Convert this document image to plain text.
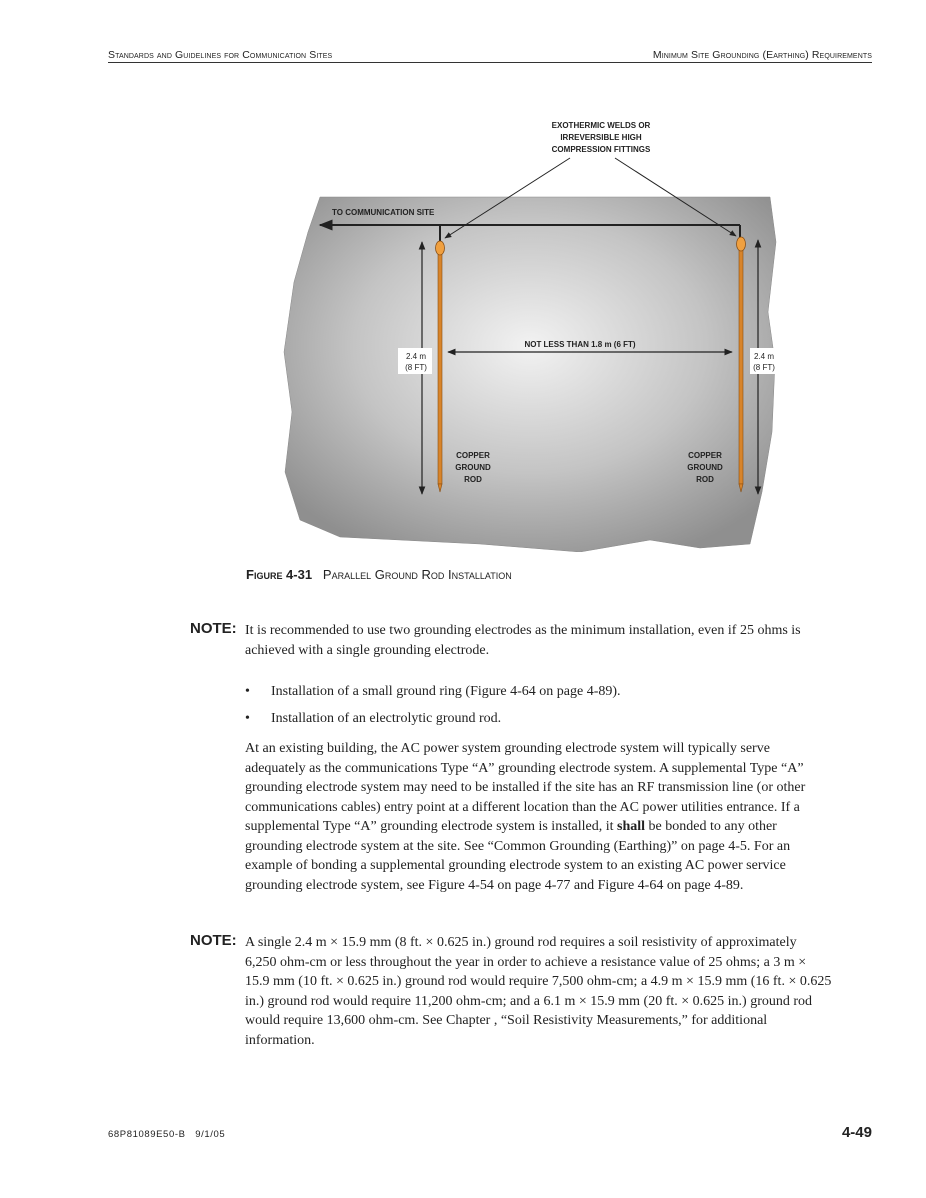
Standards and Guidelines for Communication Sites	Minimum Site Grounding (Earthing) Requirements
EXOTHERMIC WELDS OR
IRREVERSIBLE HIGH
COMPRESSION FITTINGS
TO COMMUNICATION SITE
NOT LESS THAN 1.8 m (6 FT)
2.4 m
(8 FT)
2.4 m
(8 FT)
COPPER
GROUND
ROD
COPPER
GROUND
ROD
Figure 4-31 Parallel Ground Rod Installation
NOTE: It is recommended to use two grounding electrodes as the minimum installation, even if 25 ohms is
achieved with a single grounding electrode.
• Installation of a small ground ring (Figure 4-64 on page 4-89).
• Installation of an electrolytic ground rod.
At an existing building, the AC power system grounding electrode system will typically serve
adequately as the communications Type “A” grounding electrode system. A supplemental Type “A”
grounding electrode system may need to be installed if the site has an RF transmission line (or other
communications cables) entry point at a different location than the AC power utilities entrance. If a
supplemental Type “A” grounding electrode system is installed, it shall be bonded to any other
grounding electrode system at the site. See “Common Grounding (Earthing)” on page 4-5. For an
example of bonding a supplemental grounding electrode system to an existing AC power service
grounding electrode system, see Figure 4-54 on page 4-77 and Figure 4-64 on page 4-89.
NOTE: A single 2.4 m × 15.9 mm (8 ft. × 0.625 in.) ground rod requires a soil resistivity of approximately
6,250 ohm-cm or less throughout the year in order to achieve a resistance value of 25 ohms; a 3 m ×
15.9 mm (10 ft. × 0.625 in.) ground rod would require 7,500 ohm-cm; a 4.9 m × 15.9 mm (16 ft. × 0.625
in.) ground rod would require 11,200 ohm-cm; and a 6.1 m × 15.9 mm (20 ft. × 0.625 in.) ground rod
would require 13,600 ohm-cm. See Chapter , “Soil Resistivity Measurements,” for additional
information.
68P81089E50-B   9/1/05	4-49
